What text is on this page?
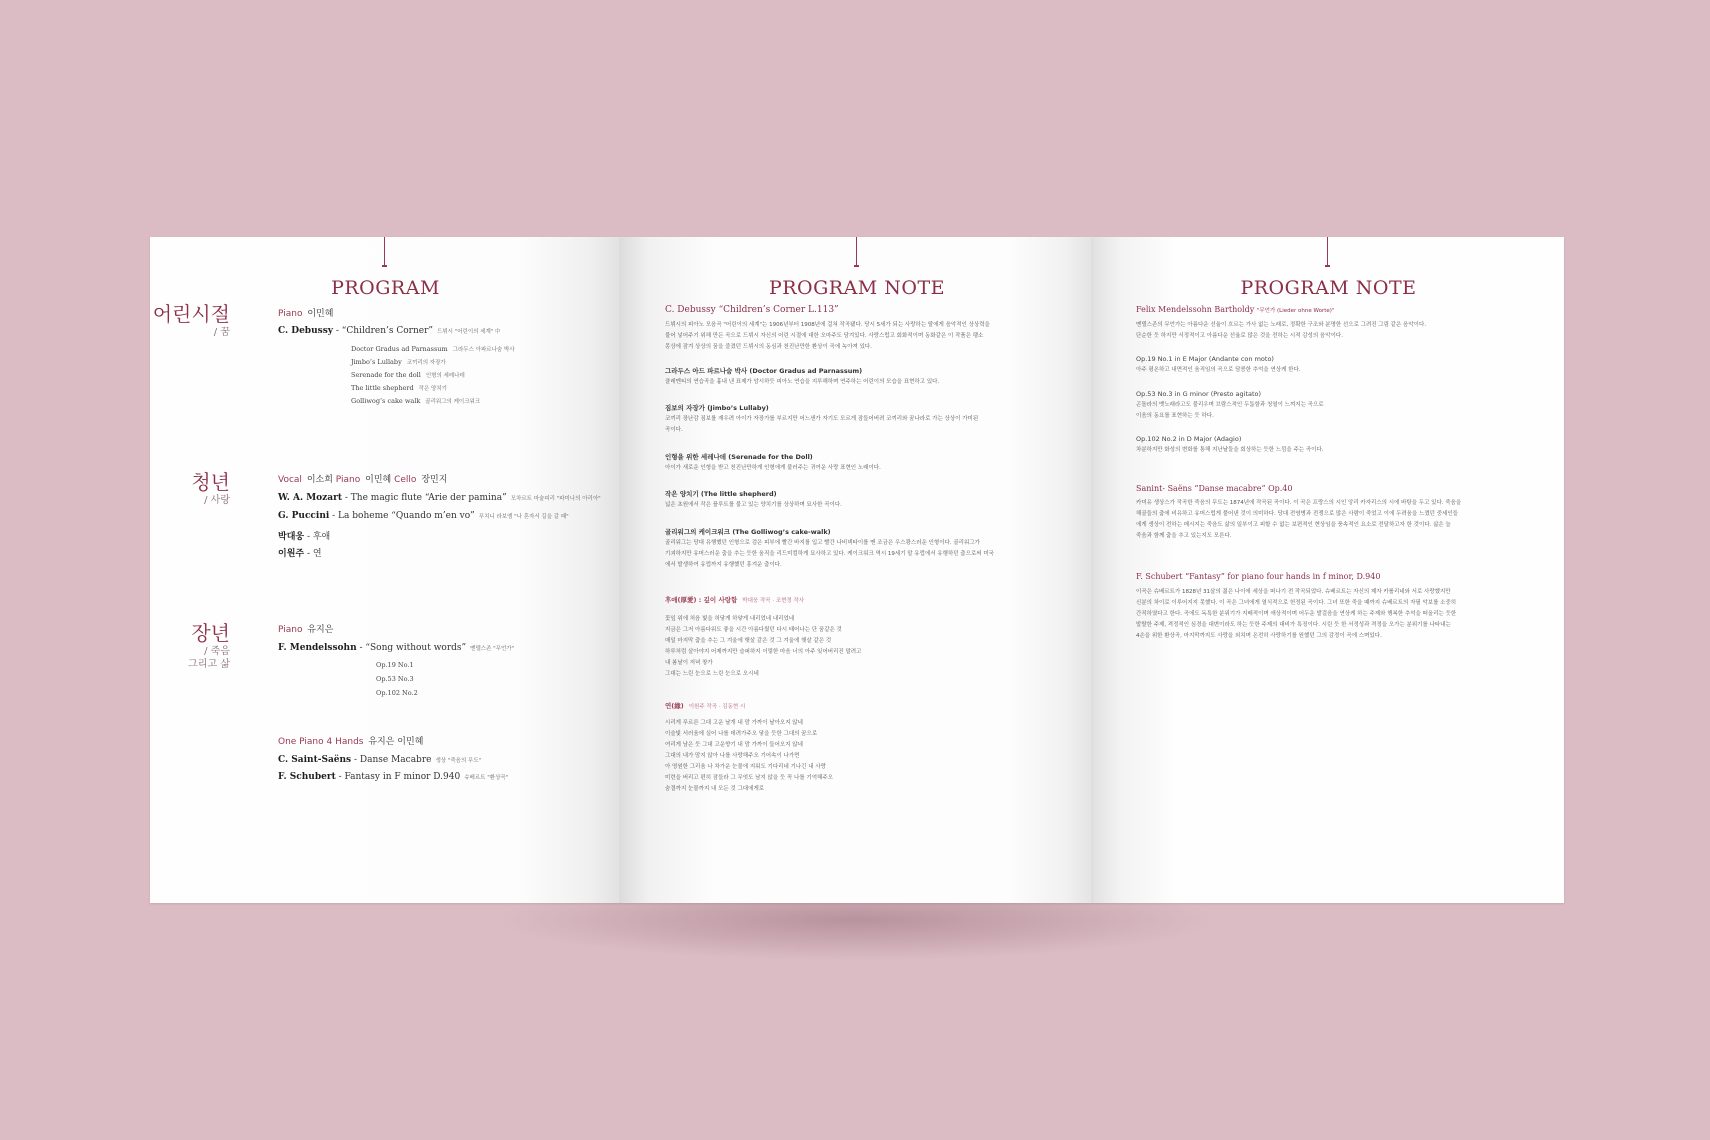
PROGRAM
어린시절
/ 꿈
청년
/ 사랑
장년
/ 죽음
그리고 삶
Piano 이민혜
C. Debussy - “Children’s Corner” 드뷔시 "어린이의 세계" 中
Doctor Gradus ad Parnassum 그라두스 아파르나숨 박사
Jimbo’s Lullaby 코끼리의 자장가
Serenade for the doll 인형의 세레나데
The little shepherd 작은 양치기
Golliwog’s cake walk 골리워그의 케이크워크
Vocal 이소희 Piano 이민혜 Cello 장민지
W. A. Mozart - The magic flute “Arie der pamina” 모차르트 마술피리 "파미나의 아리아"
G. Puccini - La boheme “Quando m’en vo” 푸치니 라보엠 "나 혼자서 길을 갈 때"
박대웅 - 후애
이원주 - 연
Piano 유지은
F. Mendelssohn - “Song without words” 멘델스존 "무언가"
Op.19 No.1
Op.53 No.3
Op.102 No.2
One Piano 4 Hands 유지은 이민혜
C. Saint-Saëns - Danse Macabre 생상 "죽음의 무도"
F. Schubert - Fantasy in F minor D.940 슈베르트 "환상곡"
PROGRAM NOTE
C. Debussy “Children’s Corner L.113”
드뷔시의 피아노 모음곡 "어린이의 세계"는 1906년부터 1908년에 걸쳐 작곡됐다. 당시 5세가 되는 사랑하는 딸에게 음악적인 상상력을
불어 넣어주기 위해 만든 곡으로 드뷔시 자신의 어린 시절에 대한 오마주도 담겨있다. 사랑스럽고 회화적이며 동화같은 이 작품은 팽소
몽상에 잠겨 상상의 꿈을 즐겼던 드뷔시의 동심과 천진난만한 환상이 곡에 녹아져 있다.
그라두스 아드 파르나숨 박사 (Doctor Gradus ad Parnassum)
클레멘티의 연습곡을 흉내 낸 표제가 암시하듯 피아노 연습을 지루해하며 연주하는 어린이의 모습을 표현하고 있다.
짐보의 자장가 (Jimbo’s Lullaby)
코끼리 장난감 짐보를 재우려 아이가 자장가를 부르지만 어느샌가 자기도 모르게 잠들어버려 코끼리와 꿈나라로 가는 상상이 가미된
곡이다.
인형을 위한 세레나데 (Serenade for the Doll)
아이가 새로운 인형을 받고 천진난만하게 인형에게 불러주는 귀여운 사랑 표현인 노래이다.
작은 양치기 (The little shepherd)
넓은 초원에서 작은 플루트를 불고 있는 양치기를 상상하며 묘사한 곡이다.
골리워그의 케이크워크 (The Golliwog’s cake-walk)
골리워그는 당대 유행했던 인형으로 검은 피부에 빨간 바지를 입고 빨간 나비넥타이를 맨 조금은 우스꽝스러운 인형이다. 골리워그가
기괴하지만 유머스러운 춤을 추는 듯한 움직을 리드미컬하게 묘사하고 있다. 케이크워크 역시 19세기 말 유럽에서 유행하던 춤으로써 미국
에서 발생하여 유럽까지 유행했던 흥겨운 춤이다.
후애(厚愛) : 깊이 사랑함 박대웅 작곡 · 조현정 작사
꽃잎 위에 처음 빛을 허닿게 하얗게 내리었네 내리었네
지금은 그저 아름다워도 좋을 시간 아름다웠던 다시 태어나는 단 꿈같은 것
매일 마지막 춤을 추는 그 겨울에 햇살 같은 것 그 겨울에 햇살 같은 것
하루처럼 살아야지 어제까지만 슬퍼하지 이렇한 마음 너의 아주 잊어버리진 말려고
내 봄날이 저녁 창가
그대는 느린 눈으로 느린 눈으로 오시네
연(緣) 이원주 작곡 · 김동현 시
시리게 푸르른 그대 고운 날개 내 맘 가까이 날아오지 않네
이슬빛 서러움에 실어 나를 데려가주오 닿을 듯한 그대의 꿈으로
여리게 남은 듯 그대 고운향기 내 맘 가까이 들어오지 않네
그대의 내가 맘지 않아 나를 사랑해주오 기어속이 나가면
아 영원한 그리움 나 차가운 눈물에 지워도 기다리네 기나긴 내 사랑
미련을 버리고 편히 잠들라 그 무엇도 남지 않을 듯 꼭 나를 기억해주오
숨결까지 눈물까지 내 모든 것 그대에게로
PROGRAM NOTE
Felix Mendelssohn Bartholdy "무언가 (Lieder ohne Worte)"
멘델스존의 무언가는 아름다운 선율이 흐르는 가사 없는 노래로, 정확한 구조와 분명한 선으로 그려진 그림 같은 음악이다.
단순한 듯 하지만 서정적이고 아름다운 선율로 많은 것을 전하는 시적 감성의 음악이다.
Op.19 No.1 in E Major (Andante con moto)
아주 평온하고 내면적인 움직임의 곡으로 담콤한 추억을 연상케 한다.
Op.53 No.3 in G minor (Presto agitato)
곤돌라의 뱃노래라고도 불리우며 브람스적인 두툼함과 청열이 느껴지는 곡으로
이음의 동요를 표현하는 듯 하다.
Op.102 No.2 in D Major (Adagio)
차분하지만 화성의 변화를 통해 지난날들을 회상하는 듯한 느낌을 주는 곡이다.
Sanint- Saëns “Danse macabre” Op.40
카미유 생상스가 작곡한 죽음의 무도는 1874년에 작곡된 곡이다. 이 곡은 프랑스의 시인 앙리 카자리스의 시에 바탕을 두고 있다. 죽음을
해골들의 춤에 비유하고 유머스럽게 풀어낸 것이 의미하다. 당대 전염병과 전쟁으로 많은 사람이 죽었고 이에 두려움을 느꼈던 중세인들
에게 생상이 전하는 메시지는 죽음도 삶의 일부이고 피할 수 없는 보편적인 현상임을 풍속적인 요소로 전달하고자 한 것이다. 삶은 늘
죽음과 함께 춤을 추고 있는지도 모른다.
F. Schubert “Fantasy” for piano four hands in f minor, D.940
이곡은 슈베르트가 1828년 31살의 젊은 나이에 세상을 떠나기 전 작곡되었다. 슈베르트는 자신의 제자 카롤리네와 서로 사랑했지만
신분의 차이로 이루어지지 못했다. 이 곡은 그녀에게 열식적으로 헌정된 곡이다. 그녀 또한 죽을 때까지 슈베르트의 자필 악보를 소중히
간직하였다고 한다. 곡에도 독특한 분위기가 지배적이며 애상적이며 어두운 발걸음을 연상케 하는 주제와 행복한 추억을 떠올리는 듯한
발랄한 주제, 격정적인 심경을 대변이라도 하는 듯한 주제의 대비가 특징이다. 시린 듯 한 서정성과 격정을 오가는 분위기를 나타내는
4손을 위한 환상곡, 마지막까지도 사랑을 외치며 온전히 사랑하기를 원했던 그의 감정이 곡에 스며있다.
